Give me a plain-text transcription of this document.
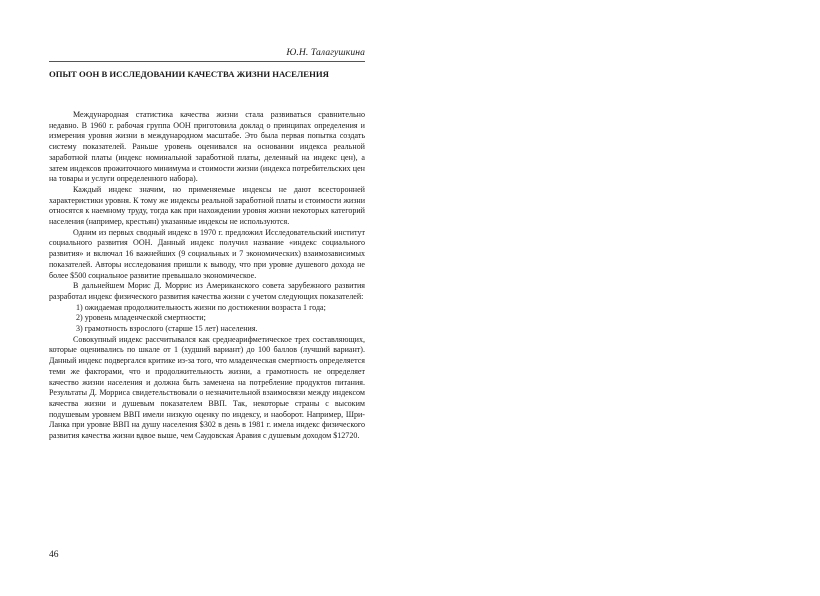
Ю.Н. Талагушкина
ОПЫТ ООН В ИССЛЕДОВАНИИ КАЧЕСТВА ЖИЗНИ НАСЕЛЕНИЯ

Международная статистика качества жизни стала развиваться сравнительно недавно. В 1960 г. рабочая группа ООН приготовила доклад о принципах определения и измерения уровня жизни в международном масштабе. Это была первая попытка создать систему показателей. Раньше уровень оценивался на основании индекса реальной заработной платы (индекс номинальной заработной платы, деленный на индекс цен), а затем индексов прожиточного минимума и стоимости жизни (индекса потребительских цен на товары и услуги определенного набора).

Каждый индекс значим, но применяемые индексы не дают всесторонней характеристики уровня. К тому же индексы реальной заработной платы и стоимости жизни относятся к наемному труду, тогда как при нахождении уровня жизни некоторых категорий населения (например, крестьян) указанные индексы не используются.

Одним из первых сводный индекс в 1970 г. предложил Исследовательский институт социального развития ООН. Данный индекс получил название «индекс социального развития» и включал 16 важнейших (9 социальных и 7 экономических) взаимозависимых показателей. Авторы исследования пришли к выводу, что при уровне душевого дохода не более $500 социальное развитие превышало экономическое.

В дальнейшем Морис Д. Моррис из Американского совета зарубежного развития разработал индекс физического развития качества жизни с учетом следующих показателей:

1) ожидаемая продолжительность жизни по достижении возраста 1 года;

2) уровень младенческой смертности;

3) грамотность взрослого (старше 15 лет) населения.

Совокупный индекс рассчитывался как среднеарифметическое трех составляющих, которые оценивались по шкале от 1 (худший вариант) до 100 баллов (лучший вариант). Данный индекс подвергался критике из-за того, что младенческая смертность определяется теми же факторами, что и продолжительность жизни, а грамотность не определяет качество жизни населения и должна быть заменена на потребление продуктов питания. Результаты Д. Морриса свидетельствовали о незначительной взаимосвязи между индексом качества жизни и душевым показателем ВВП. Так, некоторые страны с высоким подушевым уровнем ВВП имели низкую оценку по индексу, и наоборот. Например, Шри-Ланка при уровне ВВП на душу населения $302 в день в 1981 г. имела индекс физического развития качества жизни вдвое выше, чем Саудовская Аравия с душевым доходом $12720.

46
